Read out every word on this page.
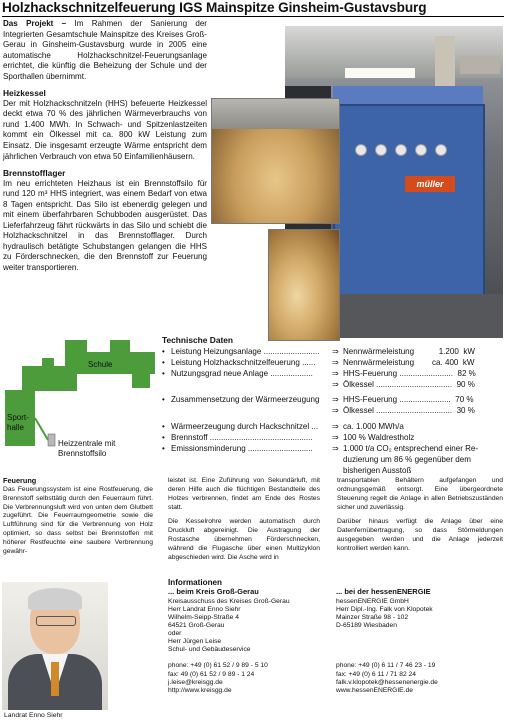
Holzhackschnitzelfeuerung IGS Mainspitze Ginsheim-Gustavsburg

Das Projekt – Im Rahmen der Sanierung der Integrierten Gesamtschule Mainspitze des Kreises Groß-Gerau in Ginsheim-Gustavsburg wurde in 2005 eine automatische Holzhackschnitzel-Feuerungsanlage errichtet, die künftig die Beheizung der Schule und der Sporthallen übernimmt.

Heizkessel

Der mit Holzhackschnitzeln (HHS) befeuerte Heizkessel deckt etwa 70 % des jährlichen Wärmeverbrauchs von rund 1.400 MWh. In Schwach- und Spitzenlastzeiten kommt ein Ölkessel mit ca. 800 kW Leistung zum Einsatz. Die insgesamt erzeugte Wärme entspricht dem jährlichen Verbrauch von etwa 50 Einfamilienhäusern.

Brennstofflager

Im neu errichteten Heizhaus ist ein Brennstoffsilo für rund 120 m³ HHS integriert, was einem Bedarf von etwa 8 Tagen entspricht. Das Silo ist ebenerdig gelegen und mit einem überfahrbaren Schubboden ausgerüstet. Das Lieferfahrzeug fährt rückwärts in das Silo und schiebt die Holzhackschnitzel in das Brennstofflager. Durch hydraulisch betätigte Schubstangen gelangen die HHS zu Förderschnecken, die den Brennstoff zur Feuerung weiter transportieren.

müller
Schule
Sport-
halle
Heizzentrale mit
Brennstoffsilo
Technische Daten
• Leistung Heizungsanlage .........................	⇒ Nennwärmeleistung           1.200  kW
• Leistung Holzhackschnitzelfeuerung ......	⇒ Nennwärmeleistung        ca. 400  kW
• Nutzungsgrad neue Anlage ...................	⇒ HHS-Feuerung ........................  82 %
⇒ Ölkessel ..................................  90 %
• Zusammensetzung der Wärmeerzeugung	⇒ HHS-Feuerung .......................  70 %
⇒ Ölkessel ..................................  30 %
• Wärmeerzeugung durch Hackschnitzel ...	⇒ ca. 1.000 MWh/a
• Brennstoff ..............................................	⇒ 100 % Waldrestholz
• Emissionsminderung .............................	⇒ 1.000 t/a CO₂ entsprechend einer Re-
duzierung um 86 % gegenüber dem
bisherigen Ausstoß

Feuerung
Das Feuerungssystem ist eine Rostfeuerung, die Brennstoff selbsttätig durch den Feuerraum führt. Die Verbrennungsluft wird von unten dem Glutbett zugeführt. Die Feuerraumgeometrie sowie die Luftführung sind für die Verbrennung von Holz optimiert, so dass selbst bei Brennstoffen mit höherer Restfeuchte eine saubere Verbrennung gewähr-

leistet ist. Eine Zuführung von Sekundärluft, mit deren Hilfe auch die flüchtigen Bestandteile des Holzes verbrennen, findet am Ende des Rostes statt.

Die Kesselrohre werden automatisch durch Druckluft abgereinigt. Die Austragung der Rostasche übernehmen Förderschnecken, während die Flugasche über einen Multizyklon abgeschieden wird. Die Asche wird in

transportablen Behältern aufgefangen und ordnungsgemäß entsorgt. Eine übergeordnete Steuerung regelt die Anlage in allen Betriebszuständen sicher und zuverlässig.

Darüber hinaus verfügt die Anlage über eine Datenfernübertragung, so dass Störmeldungen ausgegeben werden und die Anlage jederzeit kontrolliert werden kann.

Landrat Enno Siehr
Informationen
... beim Kreis Groß-Gerau
Kreisausschuss des Kreises Groß-Gerau
Herr Landrat Enno Siehr
Wilhelm-Seipp-Straße 4
64521 Groß-Gerau
oder
Herr Jürgen Leise
Schul- und Gebäudeservice
phone: +49 (0) 61 52 / 9 89 - 5 10
fax: 49 (0) 61 52 / 9 89 - 1 24
j.leise@kreisgg.de
http://www.kreisgg.de
... bei der hessenENERGIE
hessenENERGIE GmbH
Herr Dipl.-Ing. Falk von Klopotek
Mainzer Straße 98 - 102
D-65189 Wiesbaden
phone: +49 (0) 6 11 / 7 46 23 - 19
fax: +49 (0) 6 11 / 71 82 24
falk.v.klopotek@hessenenergie.de
www.hessenENERGIE.de
